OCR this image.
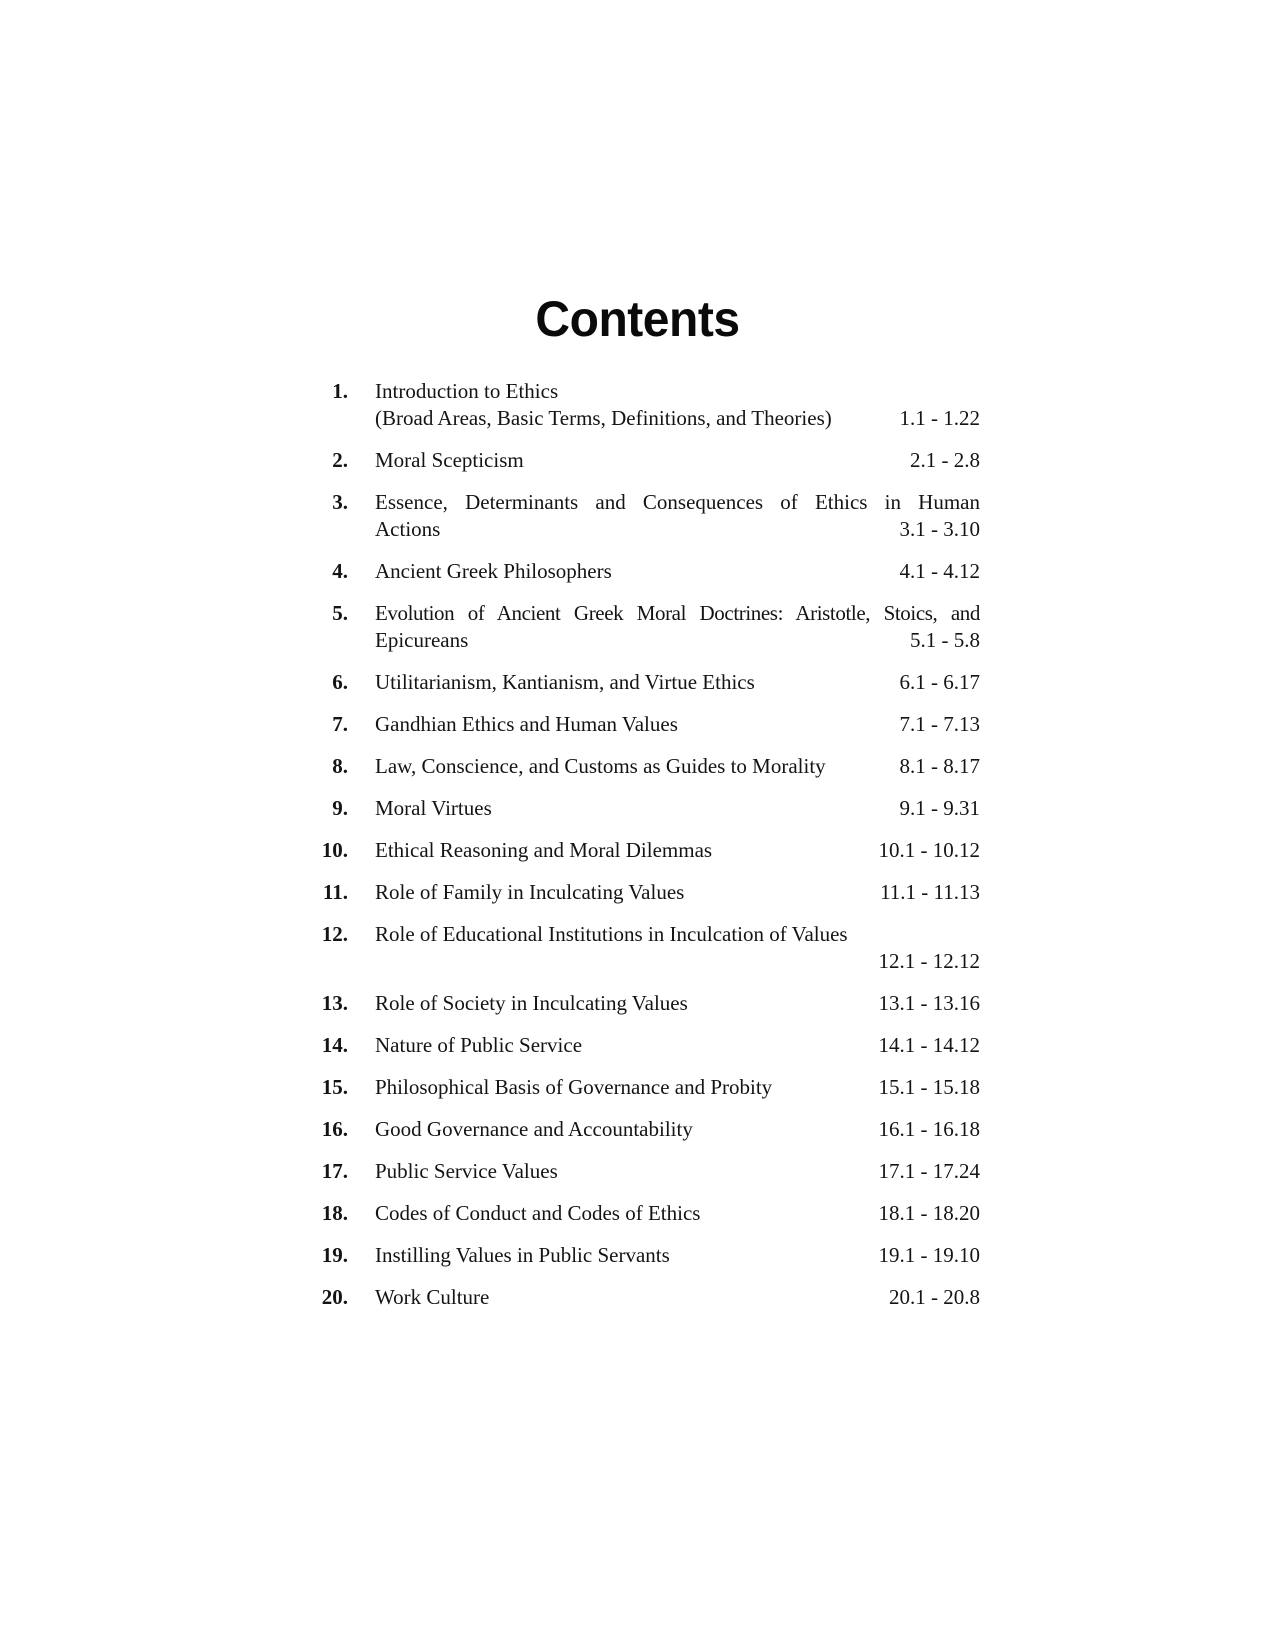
Contents
1. Introduction to Ethics
(Broad Areas, Basic Terms, Definitions, and Theories)	1.1 - 1.22
2. Moral Scepticism	2.1 - 2.8
3. Essence, Determinants and Consequences of Ethics in Human
Actions	3.1 - 3.10
4. Ancient Greek Philosophers	4.1 - 4.12
5. Evolution of Ancient Greek Moral Doctrines: Aristotle, Stoics, and
Epicureans	5.1 - 5.8
6. Utilitarianism, Kantianism, and Virtue Ethics	6.1 - 6.17
7. Gandhian Ethics and Human Values	7.1 - 7.13
8. Law, Conscience, and Customs as Guides to Morality	8.1 - 8.17
9. Moral Virtues	9.1 - 9.31
10. Ethical Reasoning and Moral Dilemmas	10.1 - 10.12
11. Role of Family in Inculcating Values	11.1 - 11.13
12. Role of Educational Institutions in Inculcation of Values
12.1 - 12.12
13. Role of Society in Inculcating Values	13.1 - 13.16
14. Nature of Public Service	14.1 - 14.12
15. Philosophical Basis of Governance and Probity	15.1 - 15.18
16. Good Governance and Accountability	16.1 - 16.18
17. Public Service Values	17.1 - 17.24
18. Codes of Conduct and Codes of Ethics	18.1 - 18.20
19. Instilling Values in Public Servants	19.1 - 19.10
20. Work Culture	20.1 - 20.8
